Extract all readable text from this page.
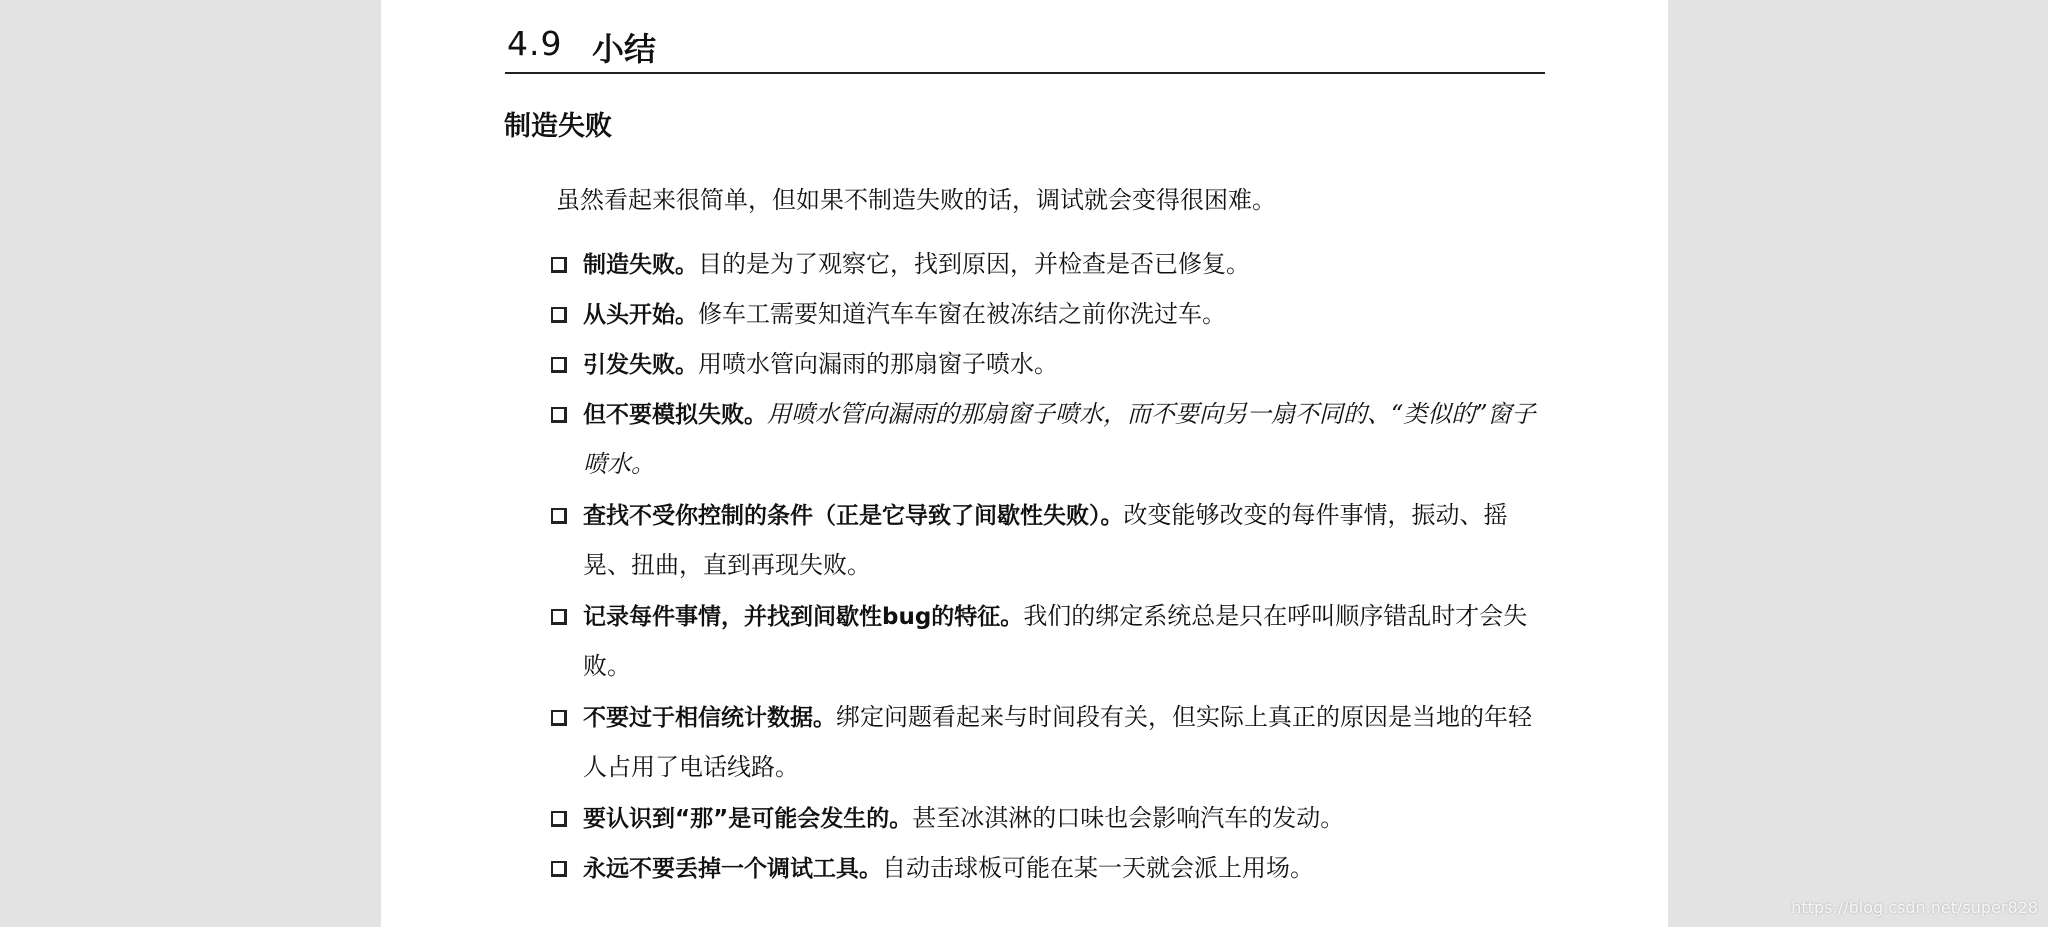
4.9 小结
制造失败
虽然看起来很简单，但如果不制造失败的话，调试就会变得很困难。
制造失败。目的是为了观察它，找到原因，并检查是否已修复。
从头开始。修车工需要知道汽车车窗在被冻结之前你洗过车。
引发失败。用喷水管向漏雨的那扇窗子喷水。
但不要模拟失败。用喷水管向漏雨的那扇窗子喷水，而不要向另一扇不同的、“类似的”窗子喷水。
查找不受你控制的条件（正是它导致了间歇性失败）。改变能够改变的每件事情，振动、摇晃、扭曲，直到再现失败。
记录每件事情，并找到间歇性bug的特征。我们的绑定系统总是只在呼叫顺序错乱时才会失败。
不要过于相信统计数据。绑定问题看起来与时间段有关，但实际上真正的原因是当地的年轻人占用了电话线路。
要认识到“那”是可能会发生的。甚至冰淇淋的口味也会影响汽车的发动。
永远不要丢掉一个调试工具。自动击球板可能在某一天就会派上用场。
https://blog.csdn.net/super828
